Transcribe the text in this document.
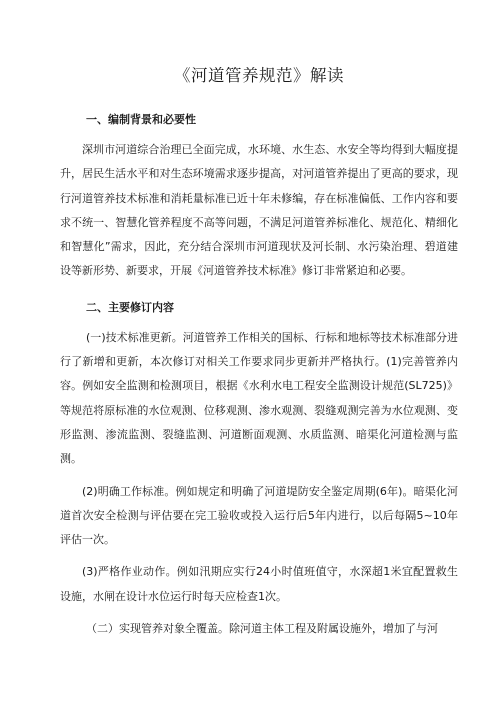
《河道管养规范》解读
一、编制背景和必要性

深圳市河道综合治理已全面完成，水环境、水生态、水安全等均得到大幅度提升，居民生活水平和对生态环境需求逐步提高，对河道管养提出了更高的要求，现行河道管养技术标准和消耗量标准已近十年未修编，存在标准偏低、工作内容和要求不统一、智慧化管养程度不高等问题，不满足河道管养标准化、规范化、精细化和智慧化”需求，因此，充分结合深圳市河道现状及河长制、水污染治理、碧道建设等新形势、新要求，开展《河道管养技术标准》修订非常紧迫和必要。

二、主要修订内容

(一)技术标准更新。河道管养工作相关的国标、行标和地标等技术标准部分进行了新增和更新，本次修订对相关工作要求同步更新并严格执行。(1)完善管养内容。例如安全监测和检测项目，根据《水利水电工程安全监测设计规范(SL725)》等规范将原标准的水位观测、位移观测、渗水观测、裂缝观测完善为水位观测、变形监测、渗流监测、裂缝监测、河道断面观测、水质监测、暗渠化河道检测与监测。

(2)明确工作标准。例如规定和明确了河道堤防安全鉴定周期(6年)。暗渠化河道首次安全检测与评估要在完工验收或投入运行后5年内进行，以后每隔5~10年评估一次。

(3)严格作业动作。例如汛期应实行24小时值班值守，水深超1米宜配置救生设施，水闸在设计水位运行时每天应检查1次。

（二）实现管养对象全覆盖。除河道主体工程及附属设施外，增加了与河
